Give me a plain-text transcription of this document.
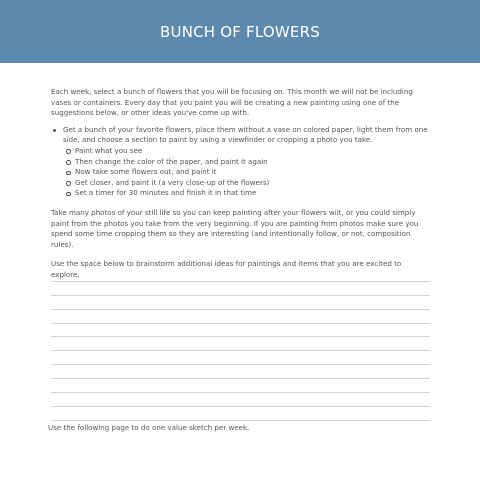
BUNCH OF FLOWERS

Each week, select a bunch of flowers that you will be focusing on. This month we will not be including vases or containers. Every day that you paint you will be creating a new painting using one of the suggestions below, or other ideas you've come up with.

Get a bunch of your favorite flowers, place them without a vase on colored paper, light them from one side, and choose a section to paint by using a viewfinder or cropping a photo you take.
Paint what you see
Then change the color of the paper, and paint it again
Now take some flowers out, and paint it
Get closer, and paint it (a very close-up of the flowers)
Set a timer for 30 minutes and finish it in that time

Take many photos of your still life so you can keep painting after your flowers wilt, or you could simply paint from the photos you take from the very beginning. If you are painting from photos make sure you spend some time cropping them so they are interesting (and intentionally follow, or not, composition rules).

Use the space below to brainstorm additional ideas for paintings and items that you are excited to explore.

Use the following page to do one value sketch per week.
